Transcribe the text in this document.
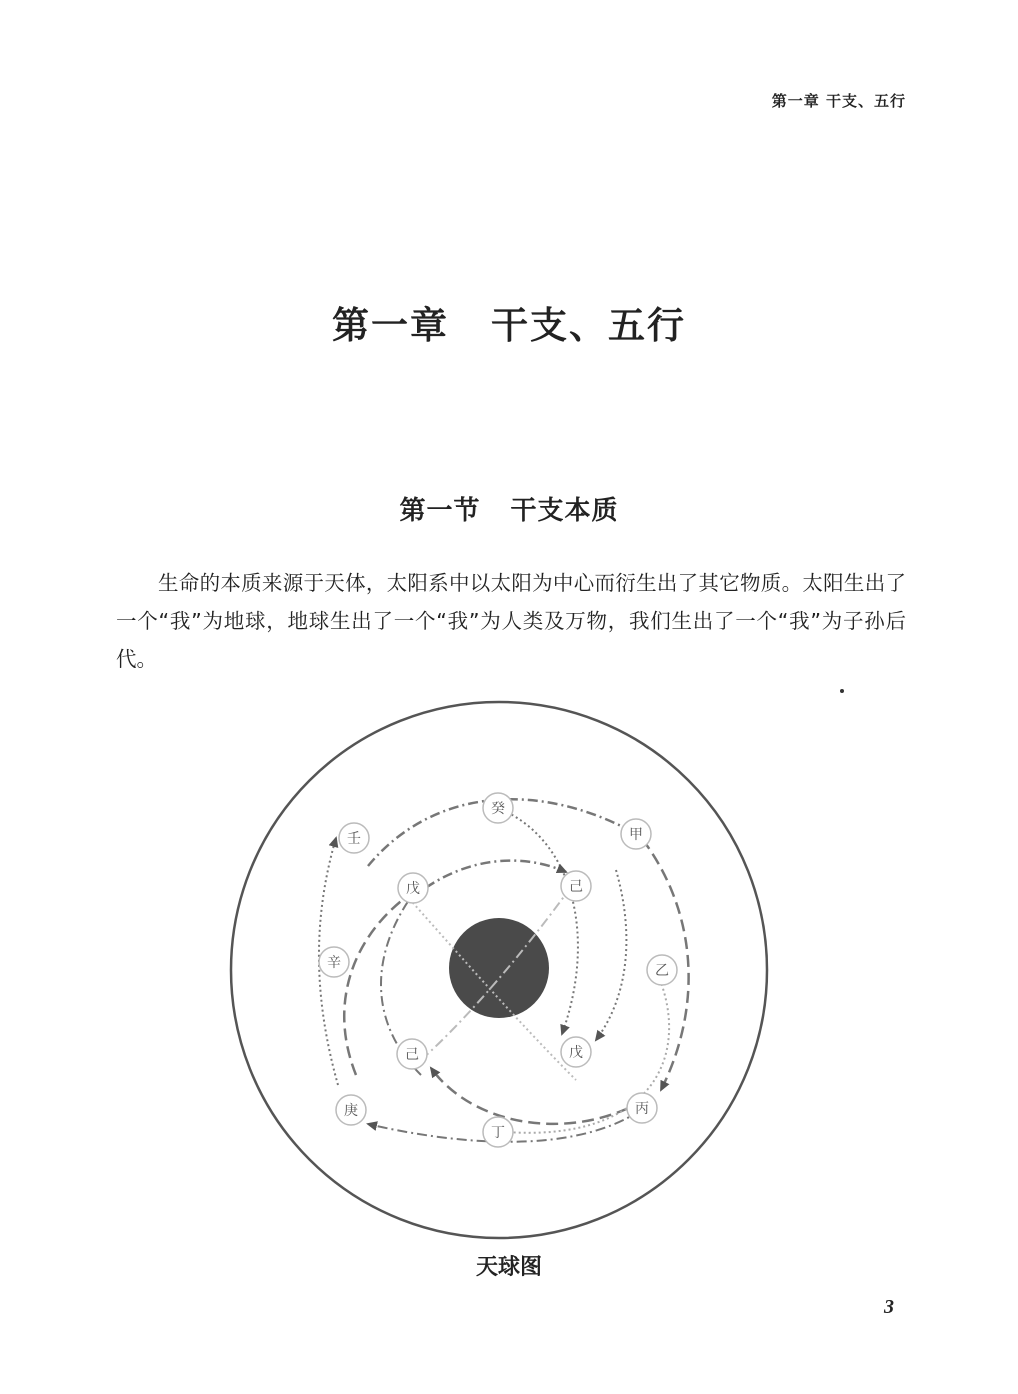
第一章 干支、五行
第一章 干支、五行
第一节 干支本质

生命的本质来源于天体，太阳系中以太阳为中心而衍生出了其它物质。太阳生出了一个“我”为地球，地球生出了一个“我”为人类及万物，我们生出了一个“我”为子孙后代。

壬
癸
甲
辛
戊	己
乙
己
庚
丁
丙
戊
天球图
3
